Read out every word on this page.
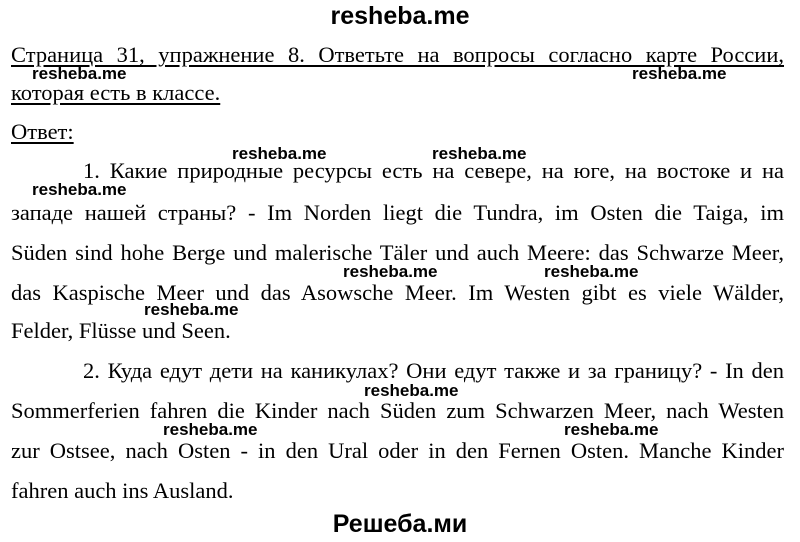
resheba.me
Страница 31, упражнение 8. Ответьте на вопросы согласно карте России,
которая есть в классе.
Ответ:
1. Какие природные ресурсы есть на севере, на юге, на востоке и на
западе нашей страны? - Im Norden liegt die Tundra, im Osten die Taiga, im
Süden sind hohe Berge und malerische Täler und auch Meere: das Schwarze Meer,
das Kaspische Meer und das Asowsche Meer. Im Westen gibt es viele Wälder,
Felder, Flüsse und Seen.
2. Куда едут дети на каникулах? Они едут также и за границу? - In den
Sommerferien fahren die Kinder nach Süden zum Schwarzen Meer, nach Westen
zur Ostsee, nach Osten - in den Ural oder in den Fernen Osten. Manche Kinder
fahren auch ins Ausland.
resheba.me	resheba.me
resheba.me	resheba.me
resheba.me
resheba.me	resheba.me
resheba.me
resheba.me
resheba.me	resheba.me
Решеба.ми
